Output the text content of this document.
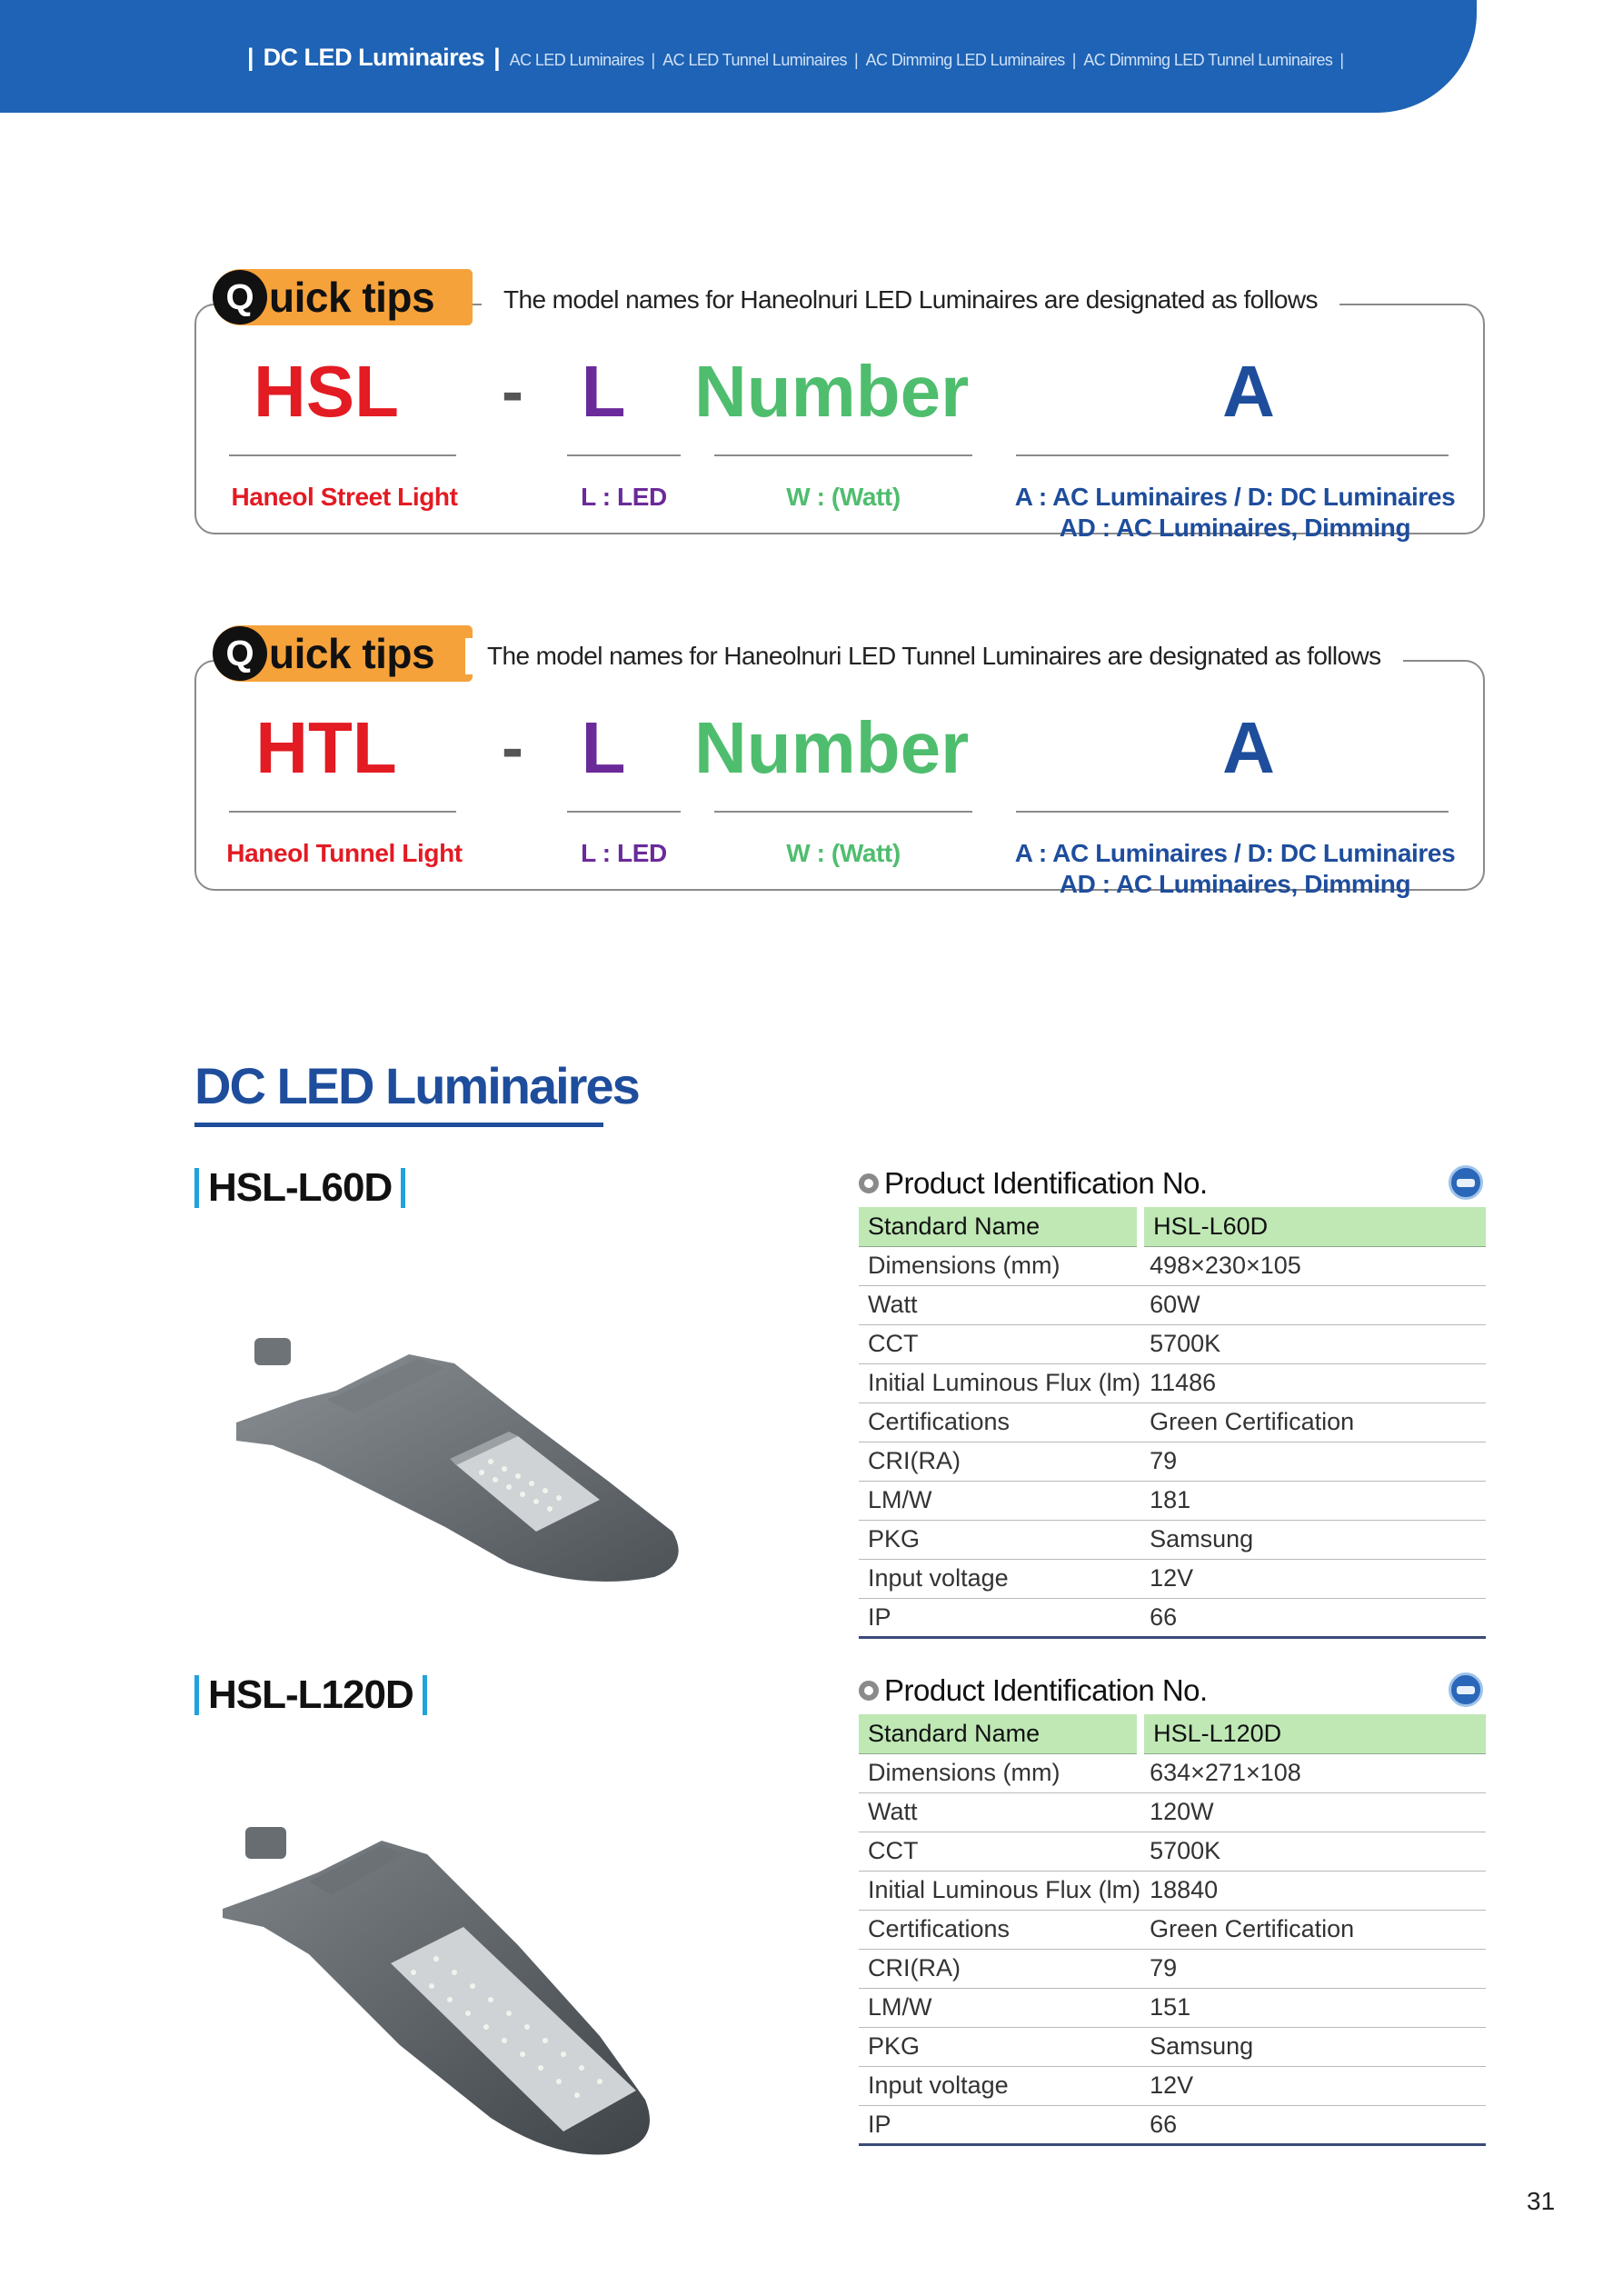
| DC LED Luminaires | AC LED Luminaires | AC LED Tunnel Luminaires | AC Dimming LED Luminaires | AC Dimming LED Tunnel Luminaires |
Q uick tips	The model names for Haneolnuri LED Luminaires are designated as follows
HSL	- L Number	A
Haneol Street Light	L : LED	W : (Watt)	A : AC Luminaires / D: DC Luminaires
AD : AC Luminaires, Dimming
Q uick tips	The model names for Haneolnuri LED Tunnel Luminaires are designated as follows
HTL	- L Number	A
Haneol Tunnel Light	L : LED	W : (Watt)	A : AC Luminaires / D: DC Luminaires
AD : AC Luminaires, Dimming
DC LED Luminaires
HSL-L60D	Product Identification No.
Standard Name	HSL-L60D
Dimensions (mm)	498×230×105
Watt	60W
CCT	5700K
Initial Luminous Flux (lm)	11486
Certifications	Green Certification
CRI(RA)	79
LM/W	181
PKG	Samsung
Input voltage	12V
IP	66
HSL-L120D	Product Identification No.
Standard Name	HSL-L120D
Dimensions (mm)	634×271×108
Watt	120W
CCT	5700K
Initial Luminous Flux (lm)	18840
Certifications	Green Certification
CRI(RA)	79
LM/W	151
PKG	Samsung
Input voltage	12V
IP	66
31
